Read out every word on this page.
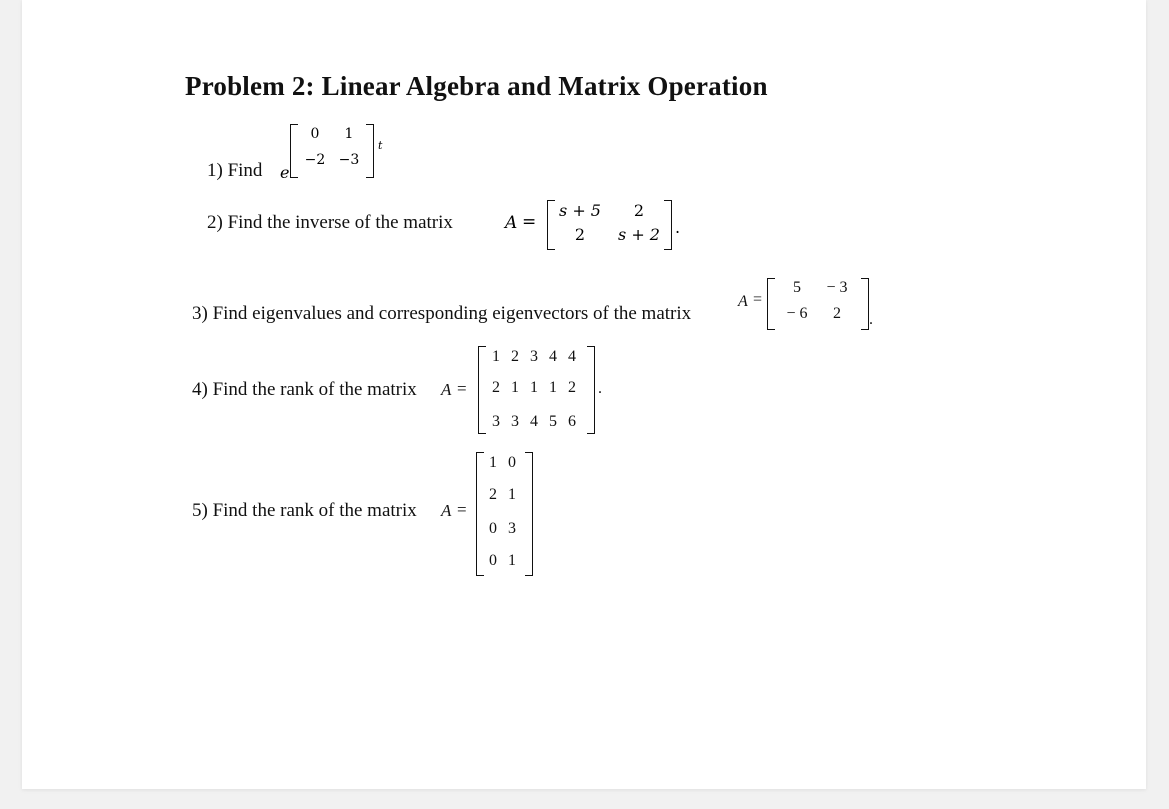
Problem 2: Linear Algebra and Matrix Operation
1) Find e
0	1
−2 −3
t
2) Find the inverse of the matrix	A =
s + 5	2
2	s + 2 .
3) Find eigenvalues and corresponding eigenvectors of the matrix
A =
5	− 3
− 6	2	.
4) Find the rank of the matrix A =
1 2 3 4 4
2 1 1 1 2
3 3 4 5 6
.
5) Find the rank of the matrix A =
1 0
2 1
0 3
0 1
